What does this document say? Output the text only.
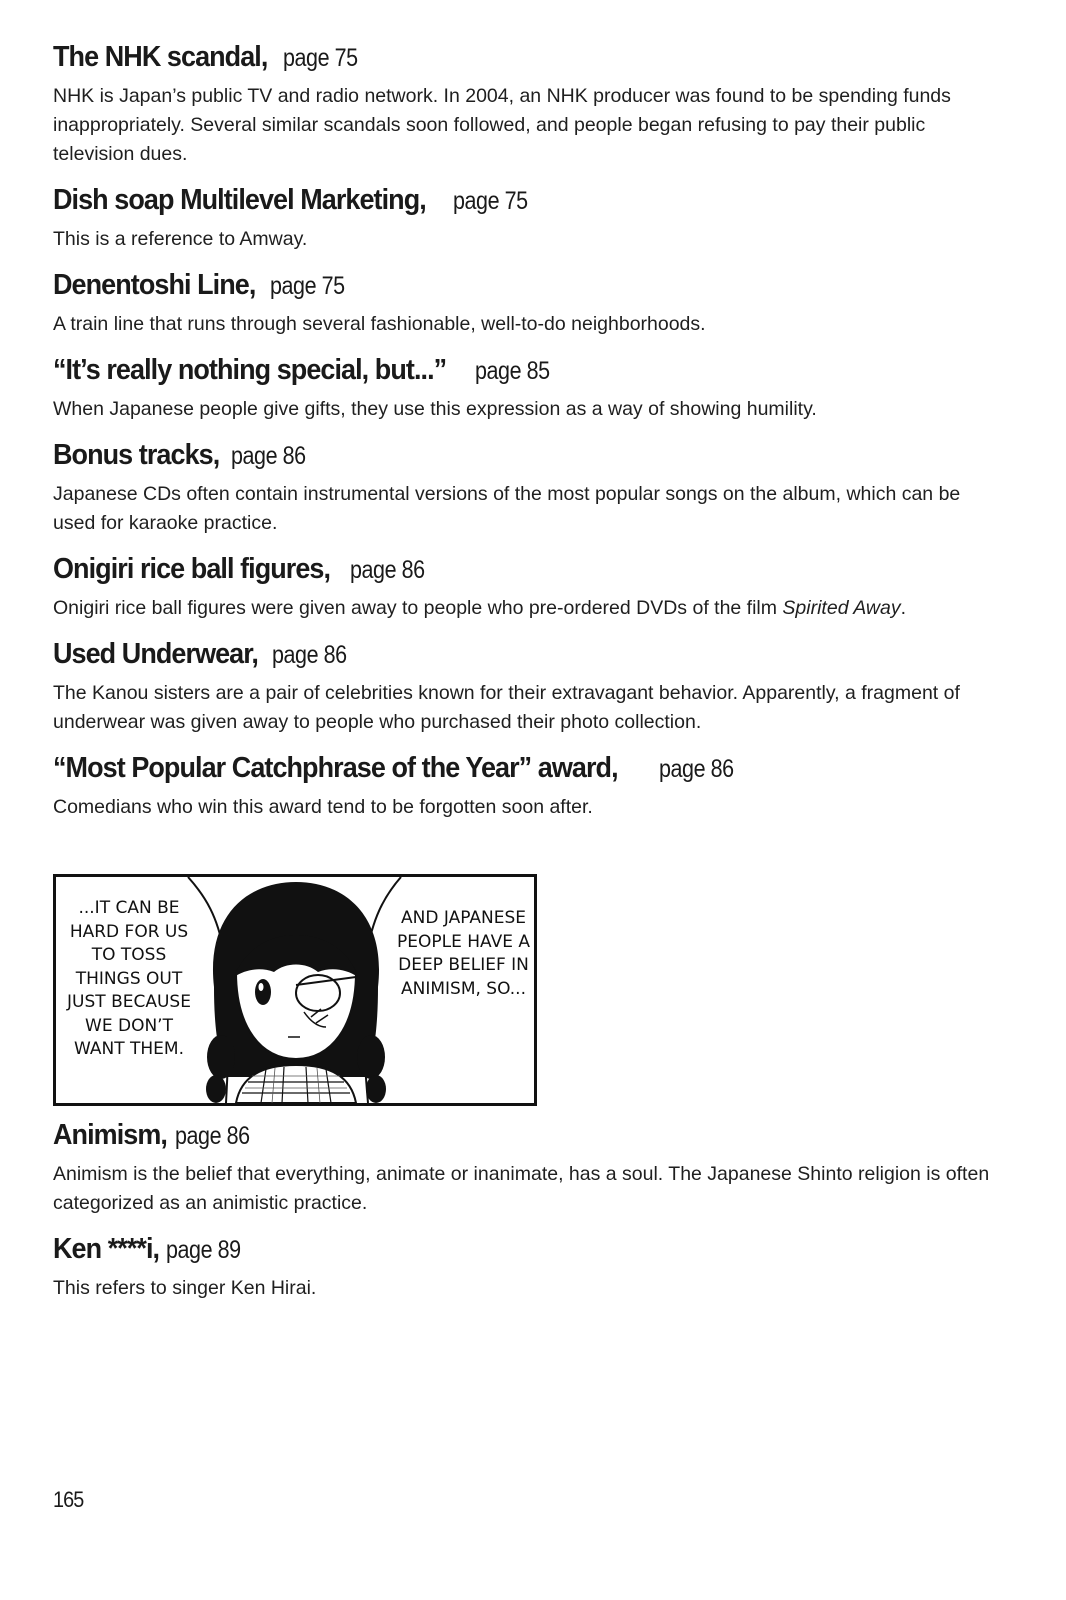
The NHK scandal, page 75

NHK is Japan’s public TV and radio network. In 2004, an NHK producer was found to be spending funds inappropriately. Several similar scandals soon followed, and people began refusing to pay their public television dues.

Dish soap Multilevel Marketing, page 75

This is a reference to Amway.

Denentoshi Line, page 75

A train line that runs through several fashionable, well-to-do neighborhoods.

“It’s really nothing special, but...” page 85

When Japanese people give gifts, they use this expression as a way of showing humility.

Bonus tracks, page 86

Japanese CDs often contain instrumental versions of the most popular songs on the album, which can be used for karaoke practice.

Onigiri rice ball figures, page 86

Onigiri rice ball figures were given away to people who pre-ordered DVDs of the film Spirited Away.

Used Underwear, page 86

The Kanou sisters are a pair of celebrities known for their extravagant behavior. Apparently, a fragment of underwear was given away to people who purchased their photo collection.

“Most Popular Catchphrase of the Year” award, page 86

Comedians who win this award tend to be forgotten soon after.

...IT CAN BE HARD FOR US TO TOSS THINGS OUT JUST BECAUSE WE DON’T WANT THEM.
AND JAPANESE PEOPLE HAVE A DEEP BELIEF IN ANIMISM, SO...
Animism, page 86

Animism is the belief that everything, animate or inanimate, has a soul. The Japanese Shinto religion is often categorized as an animistic practice.

Ken ****i, page 89

This refers to singer Ken Hirai.

165
